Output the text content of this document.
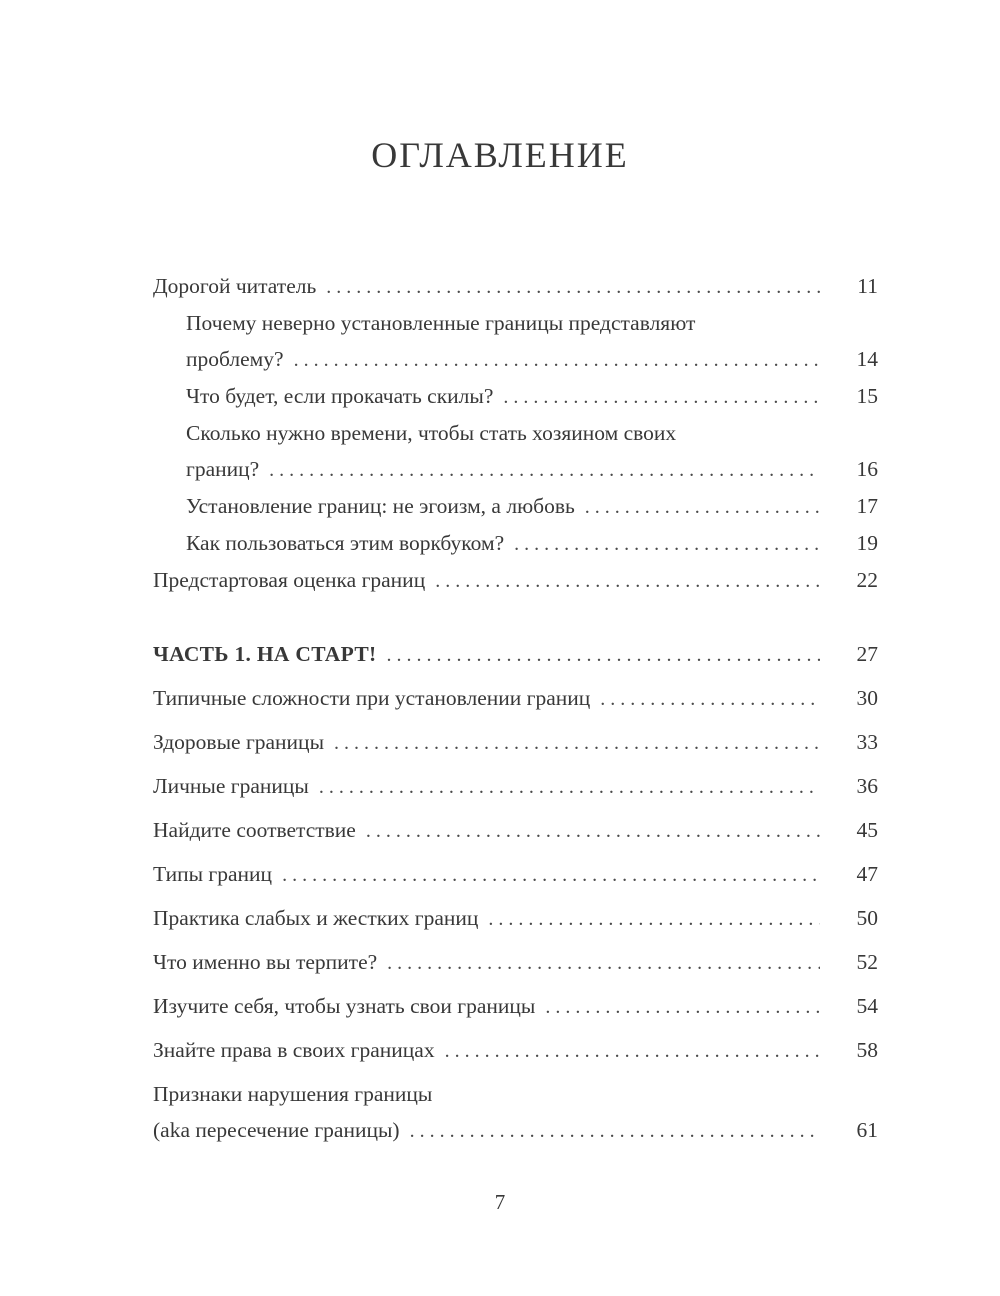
ОГЛАВЛЕНИЕ
Дорогой читатель .....	11
Почему неверно установленные границы представляют
проблему? .....	14
Что будет, если прокачать скилы? .....	15
Сколько нужно времени, чтобы стать хозяином своих
границ? .....	16
Установление границ: не эгоизм, а любовь .....	17
Как пользоваться этим воркбуком? .....	19
Предстартовая оценка границ .....	22
ЧАСТЬ 1. НА СТАРТ! .....	27
Типичные сложности при установлении границ .....	30
Здоровые границы .....	33
Личные границы .....	36
Найдите соответствие .....	45
Типы границ .....	47
Практика слабых и жестких границ .....	50
Что именно вы терпите? .....	52
Изучите себя, чтобы узнать свои границы .....	54
Знайте права в своих границах .....	58
Признаки нарушения границы
(aka пересечение границы) .....	61
7
